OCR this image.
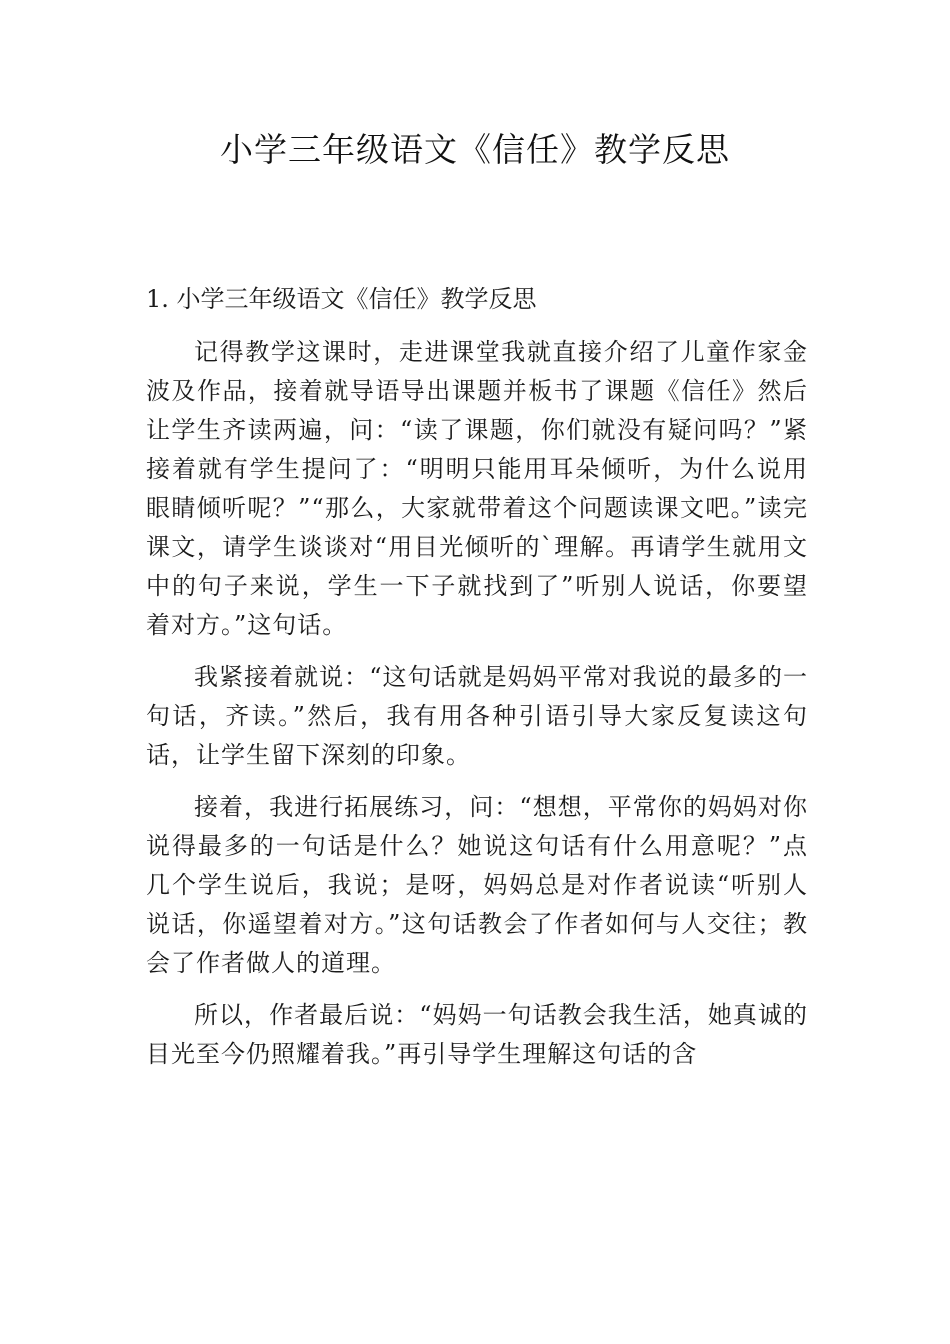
小学三年级语文《信任》教学反思
1. 小学三年级语文《信任》教学反思

记得教学这课时，走进课堂我就直接介绍了儿童作家金波及作品，接着就导语导出课题并板书了课题《信任》然后让学生齐读两遍，问：“读了课题，你们就没有疑问吗？”紧接着就有学生提问了：“明明只能用耳朵倾听，为什么说用眼睛倾听呢？”“那么，大家就带着这个问题读课文吧。”读完课文，请学生谈谈对“用目光倾听的`理解。再请学生就用文中的句子来说，学生一下子就找到了”听别人说话，你要望着对方。”这句话。

我紧接着就说：“这句话就是妈妈平常对我说的最多的一句话，齐读。”然后，我有用各种引语引导大家反复读这句话，让学生留下深刻的印象。

接着，我进行拓展练习，问：“想想，平常你的妈妈对你说得最多的一句话是什么？她说这句话有什么用意呢？”点几个学生说后，我说；是呀，妈妈总是对作者说读“听别人说话，你遥望着对方。”这句话教会了作者如何与人交往；教会了作者做人的道理。

所以，作者最后说：“妈妈一句话教会我生活，她真诚的目光至今仍照耀着我。”再引导学生理解这句话的含
